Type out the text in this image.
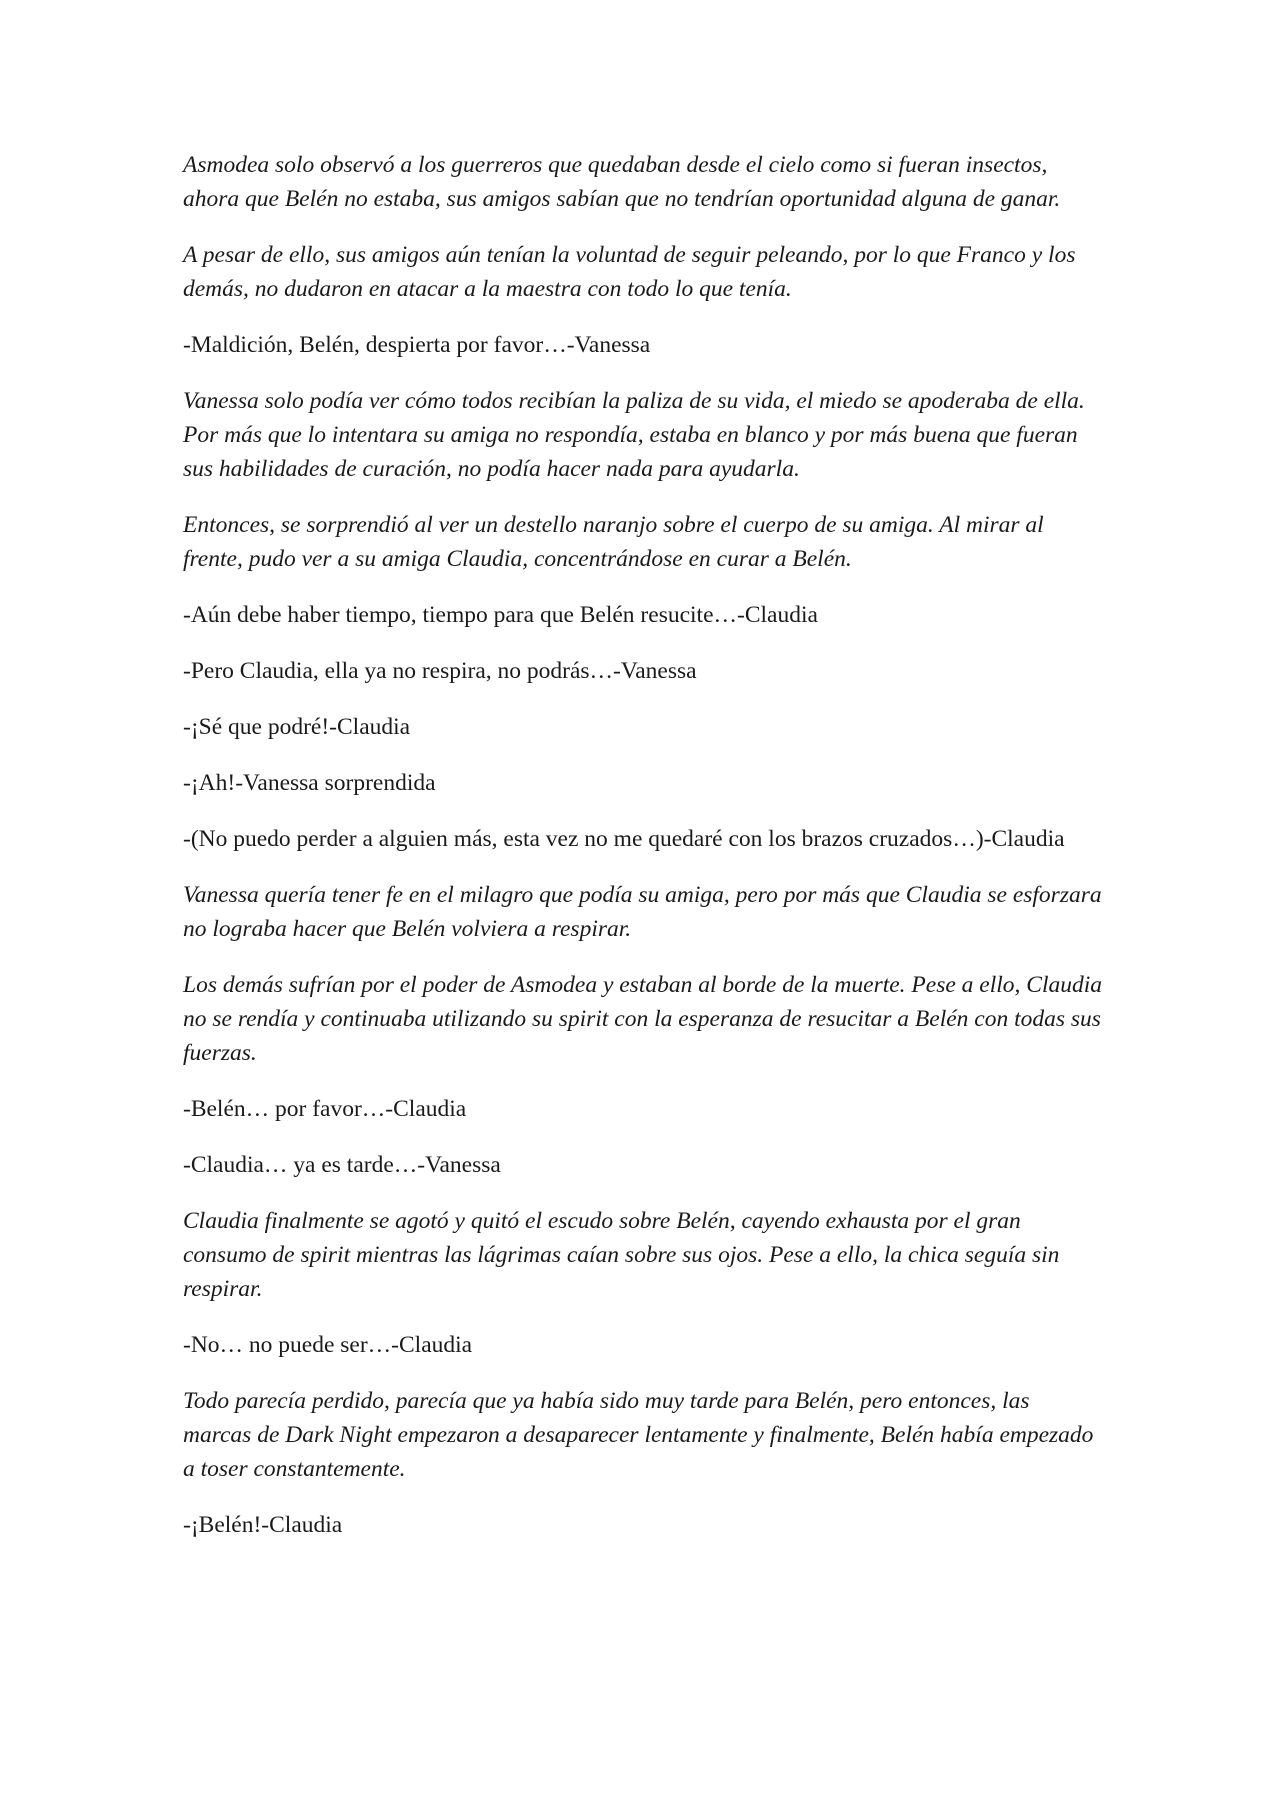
Asmodea solo observó a los guerreros que quedaban desde el cielo como si fueran insectos, ahora que Belén no estaba, sus amigos sabían que no tendrían oportunidad alguna de ganar.

A pesar de ello, sus amigos aún tenían la voluntad de seguir peleando, por lo que Franco y los demás, no dudaron en atacar a la maestra con todo lo que tenía.

-Maldición, Belén, despierta por favor…-Vanessa

Vanessa solo podía ver cómo todos recibían la paliza de su vida, el miedo se apoderaba de ella. Por más que lo intentara su amiga no respondía, estaba en blanco y por más buena que fueran sus habilidades de curación, no podía hacer nada para ayudarla.

Entonces, se sorprendió al ver un destello naranjo sobre el cuerpo de su amiga. Al mirar al frente, pudo ver a su amiga Claudia, concentrándose en curar a Belén.

-Aún debe haber tiempo, tiempo para que Belén resucite…-Claudia

-Pero Claudia, ella ya no respira, no podrás…-Vanessa

-¡Sé que podré!-Claudia

-¡Ah!-Vanessa sorprendida

-(No puedo perder a alguien más, esta vez no me quedaré con los brazos cruzados…)-Claudia

Vanessa quería tener fe en el milagro que podía su amiga, pero por más que Claudia se esforzara no lograba hacer que Belén volviera a respirar.

Los demás sufrían por el poder de Asmodea y estaban al borde de la muerte. Pese a ello, Claudia no se rendía y continuaba utilizando su spirit con la esperanza de resucitar a Belén con todas sus fuerzas.

-Belén… por favor…-Claudia

-Claudia… ya es tarde…-Vanessa

Claudia finalmente se agotó y quitó el escudo sobre Belén, cayendo exhausta por el gran consumo de spirit mientras las lágrimas caían sobre sus ojos. Pese a ello, la chica seguía sin respirar.

-No… no puede ser…-Claudia

Todo parecía perdido, parecía que ya había sido muy tarde para Belén, pero entonces, las marcas de Dark Night empezaron a desaparecer lentamente y finalmente, Belén había empezado a toser constantemente.

-¡Belén!-Claudia
